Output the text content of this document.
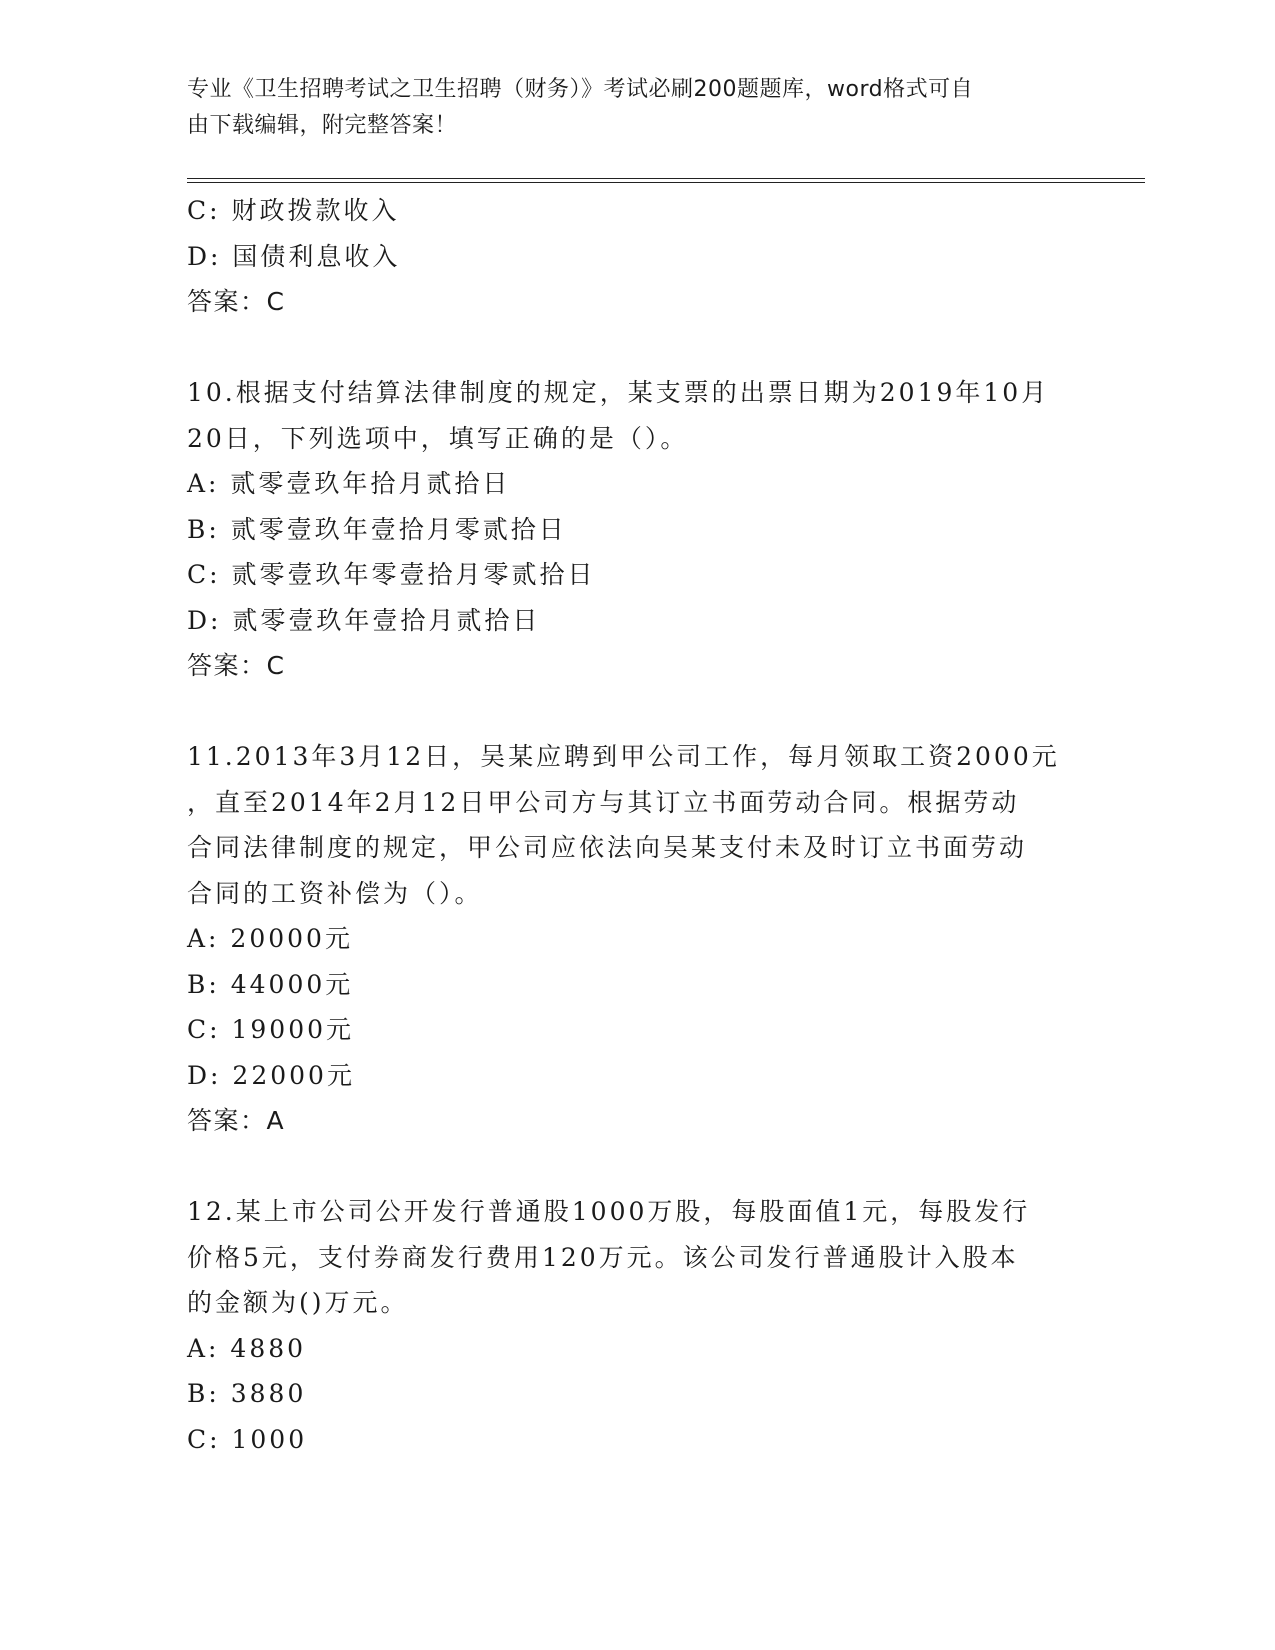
专业《卫生招聘考试之卫生招聘（财务）》考试必刷200题题库，word格式可自
由下载编辑，附完整答案！
C: 财政拨款收入
D: 国债利息收入
答案：C
10.根据支付结算法律制度的规定，某支票的出票日期为2019年10月
20日，下列选项中，填写正确的是（）。
A: 贰零壹玖年拾月贰拾日
B: 贰零壹玖年壹拾月零贰拾日
C: 贰零壹玖年零壹拾月零贰拾日
D: 贰零壹玖年壹拾月贰拾日
答案：C
11.2013年3月12日，吴某应聘到甲公司工作，每月领取工资2000元
，直至2014年2月12日甲公司方与其订立书面劳动合同。根据劳动
合同法律制度的规定，甲公司应依法向吴某支付未及时订立书面劳动
合同的工资补偿为（）。
A: 20000元
B: 44000元
C: 19000元
D: 22000元
答案：A
12.某上市公司公开发行普通股1000万股，每股面值1元，每股发行
价格5元，支付券商发行费用120万元。该公司发行普通股计入股本
的金额为()万元。
A: 4880
B: 3880
C: 1000
